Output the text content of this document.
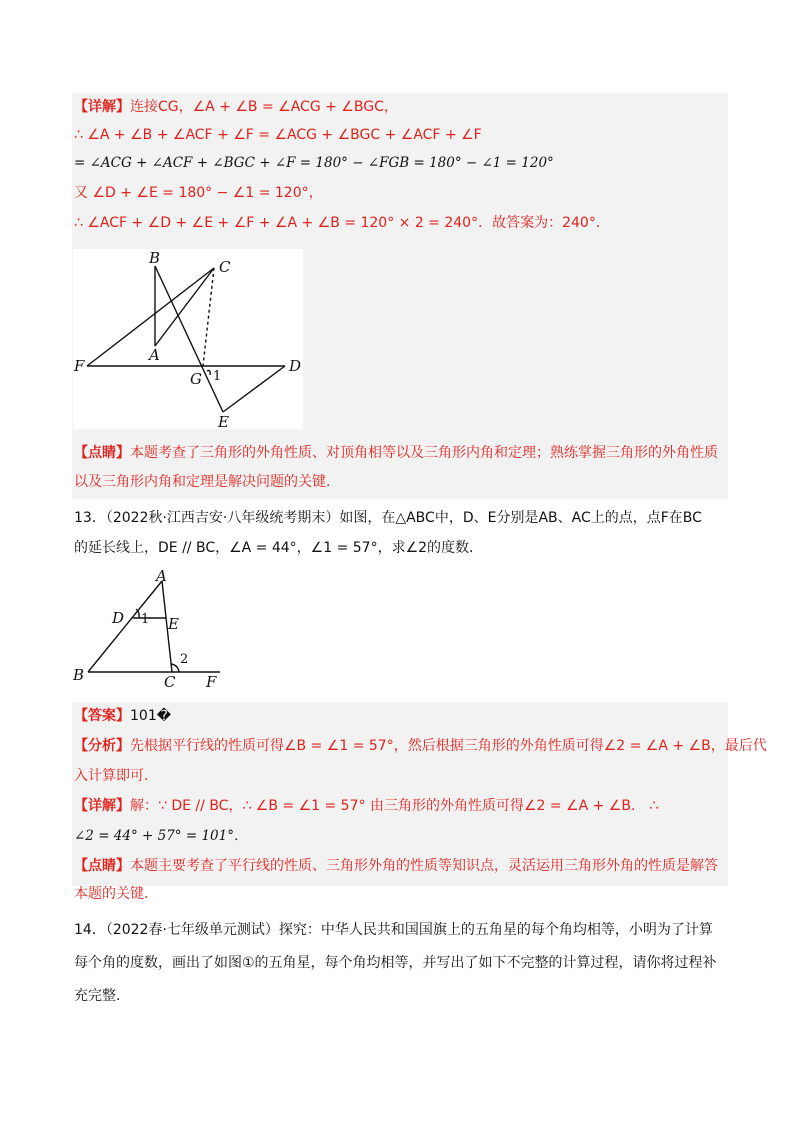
【详解】连接CG，∠A + ∠B = ∠ACG + ∠BGC，
∴ ∠A + ∠B + ∠ACF + ∠F = ∠ACG + ∠BGC + ∠ACF + ∠F
= ∠ACG + ∠ACF + ∠BGC + ∠F = 180° − ∠FGB = 180° − ∠1 = 120°
又 ∠D + ∠E = 180° − ∠1 = 120°，
∴ ∠ACF + ∠D + ∠E + ∠F + ∠A + ∠B = 120° × 2 = 240°．故答案为：240°．
B	C
A
F
G 1
D
E
【点睛】本题考查了三角形的外角性质、对顶角相等以及三角形内角和定理；熟练掌握三角形的外角性质
以及三角形内角和定理是解决问题的关键.
13．（2022秋·江西吉安·八年级统考期末）如图，在△ABC中，D、E分别是AB、AC上的点，点F在BC
的延长线上，DE // BC，∠A = 44°，∠1 = 57°，求∠2的度数．
A
D 1 E
2
B	C F
【答案】101�
【分析】先根据平行线的性质可得∠B = ∠1 = 57°，然后根据三角形的外角性质可得∠2 = ∠A + ∠B，最后代
入计算即可.
【详解】解：∵ DE // BC，∴ ∠B = ∠1 = 57° 由三角形的外角性质可得∠2 = ∠A + ∠B． ∴
∠2 = 44° + 57° = 101°．
【点睛】本题主要考查了平行线的性质、三角形外角的性质等知识点，灵活运用三角形外角的性质是解答
本题的关键.
14．（2022春·七年级单元测试）探究：中华人民共和国国旗上的五角星的每个角均相等，小明为了计算
每个角的度数，画出了如图①的五角星，每个角均相等，并写出了如下不完整的计算过程，请你将过程补
充完整.
